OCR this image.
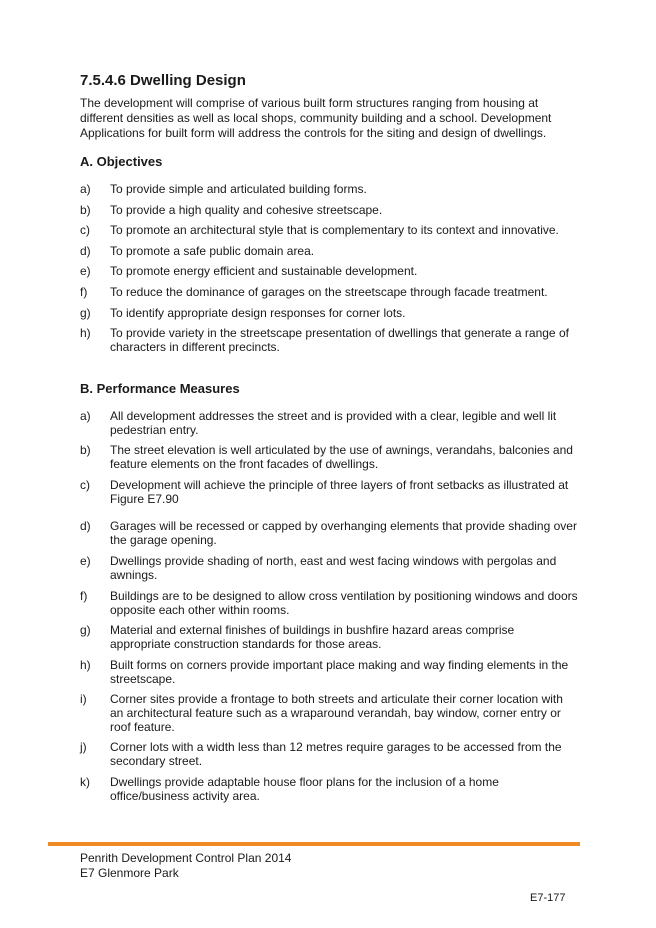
7.5.4.6 Dwelling Design

The development will comprise of various built form structures ranging from housing at different densities as well as local shops, community building and a school. Development Applications for built form will address the controls for the siting and design of dwellings.

A. Objectives
a)	To provide simple and articulated building forms.
b)	To provide a high quality and cohesive streetscape.
c)	To promote an architectural style that is complementary to its context and innovative.
d)	To promote a safe public domain area.
e)	To promote energy efficient and sustainable development.
f)	To reduce the dominance of garages on the streetscape through facade treatment.
g)	To identify appropriate design responses for corner lots.
h)	To provide variety in the streetscape presentation of dwellings that generate a range of characters in different precincts.
B. Performance Measures
a)	All development addresses the street and is provided with a clear, legible and well lit pedestrian entry.
b)	The street elevation is well articulated by the use of awnings, verandahs, balconies and feature elements on the front facades of dwellings.
c)	Development will achieve the principle of three layers of front setbacks as illustrated at Figure E7.90
d)	Garages will be recessed or capped by overhanging elements that provide shading over the garage opening.
e)	Dwellings provide shading of north, east and west facing windows with pergolas and awnings.
f)	Buildings are to be designed to allow cross ventilation by positioning windows and doors opposite each other within rooms.
g)	Material and external finishes of buildings in bushfire hazard areas comprise appropriate construction standards for those areas.
h)	Built forms on corners provide important place making and way finding elements in the streetscape.
i)	Corner sites provide a frontage to both streets and articulate their corner location with an architectural feature such as a wraparound verandah, bay window, corner entry or roof feature.
j)	Corner lots with a width less than 12 metres require garages to be accessed from the secondary street.
k)	Dwellings provide adaptable house floor plans for the inclusion of a home office/business activity area.
Penrith Development Control Plan 2014
E7 Glenmore Park
E7-177
